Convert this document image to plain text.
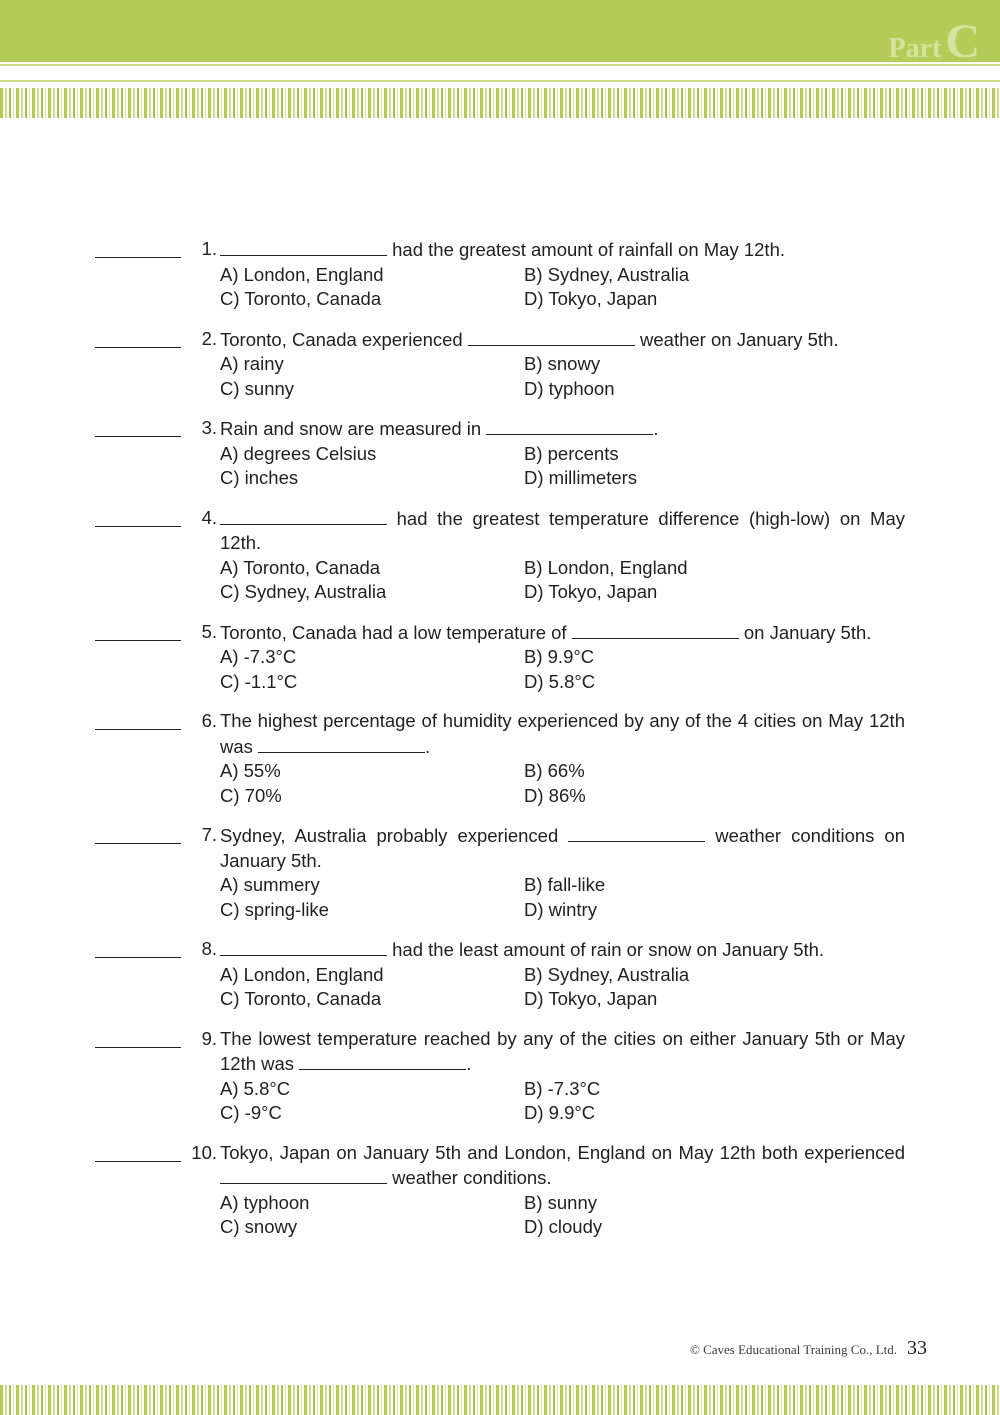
PartC
1.	had the greatest amount of rainfall on May 12th.
A) London, England	B) Sydney, Australia
C) Toronto, Canada	D) Tokyo, Japan
2. Toronto, Canada experienced	weather on January 5th.
A) rainy	B) snowy
C) sunny	D) typhoon
3. Rain and snow are measured in	.
A) degrees Celsius	B) percents
C) inches	D) millimeters
4.	had the greatest temperature difference (high-low) on May 12th.
A) Toronto, Canada	B) London, England
C) Sydney, Australia	D) Tokyo, Japan
5. Toronto, Canada had a low temperature of	on January 5th.
A) -7.3°C	B) 9.9°C
C) -1.1°C	D) 5.8°C
6. The highest percentage of humidity experienced by any of the 4 cities on May 12th was	.
A) 55%	B) 66%
C) 70%	D) 86%
7. Sydney, Australia probably experienced	weather conditions on January 5th.
A) summery	B) fall-like
C) spring-like	D) wintry
8.	had the least amount of rain or snow on January 5th.
A) London, England	B) Sydney, Australia
C) Toronto, Canada	D) Tokyo, Japan
9. The lowest temperature reached by any of the cities on either January 5th or May 12th was	.
A) 5.8°C	B) -7.3°C
C) -9°C	D) 9.9°C
10. Tokyo, Japan on January 5th and London, England on May 12th both experienced  weather conditions.
A) typhoon	B) sunny
C) snowy	D) cloudy
© Caves Educational Training Co., Ltd. 33
